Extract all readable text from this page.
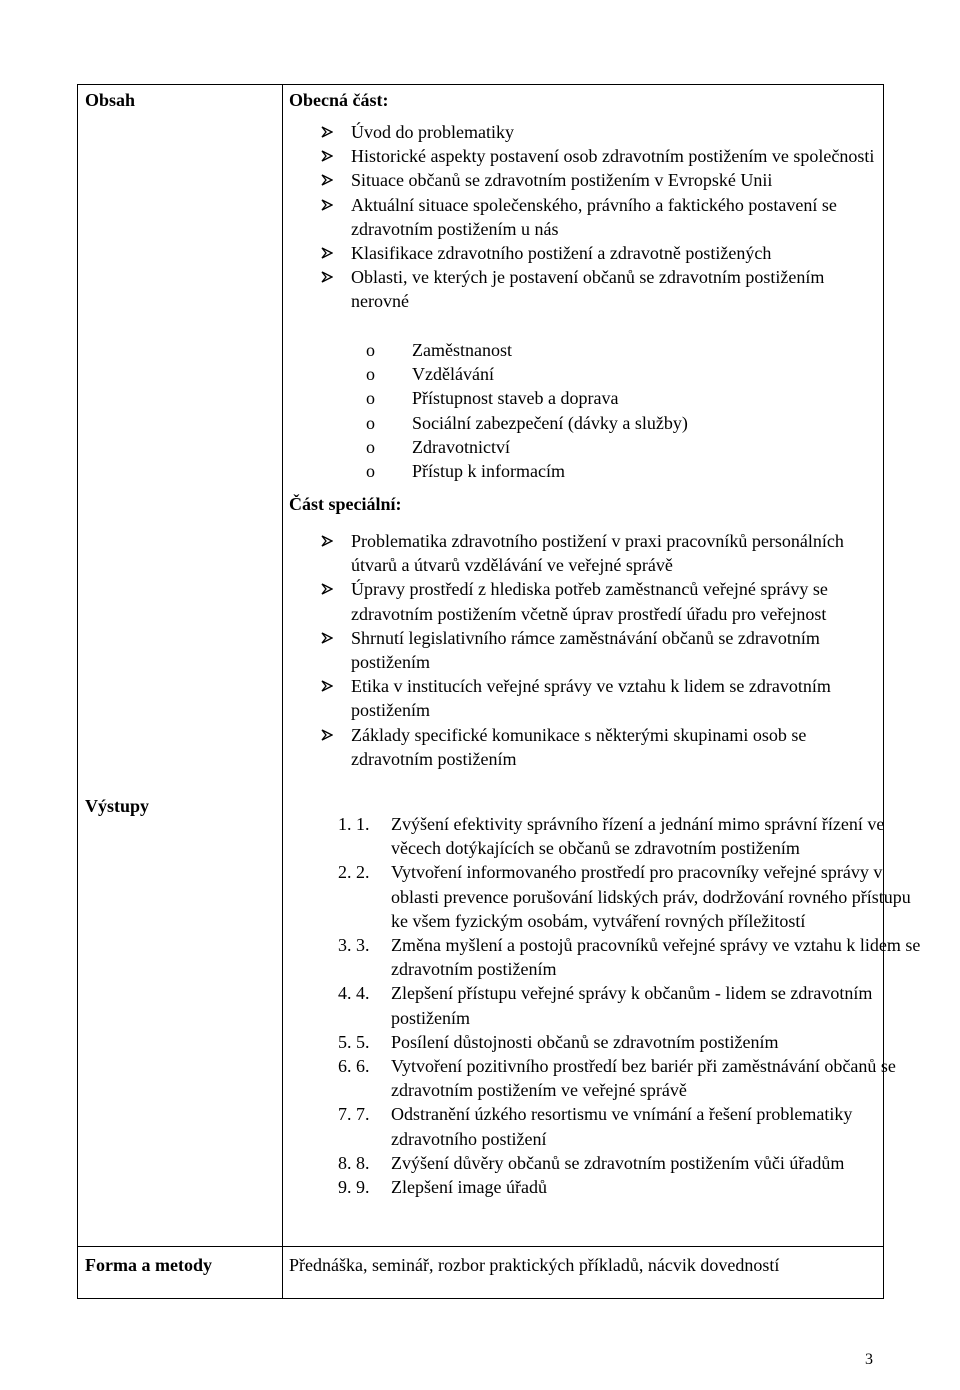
Obsah	Obecná část:
Úvod do problematiky
Historické aspekty postavení osob zdravotním postižením ve společnosti
Situace občanů se zdravotním postižením v Evropské Unii
Aktuální situace společenského, právního a faktického postavení se zdravotním postižením u nás
Klasifikace zdravotního postižení a zdravotně postižených
Oblasti, ve kterých je postavení občanů se zdravotním postižením nerovné
o Zaměstnanost
o Vzdělávání
o Přístupnost staveb a doprava
o Sociální zabezpečení (dávky a služby)
o Zdravotnictví
o Přístup k informacím
Část speciální:
Problematika zdravotního postižení v praxi pracovníků personálních útvarů a útvarů vzdělávání ve veřejné správě
Úpravy prostředí z hlediska potřeb zaměstnanců veřejné správy se zdravotním postižením včetně úprav prostředí úřadu pro veřejnost
Shrnutí legislativního rámce zaměstnávání občanů se zdravotním postižením
Etika v institucích veřejné správy ve vztahu k lidem se zdravotním postižením
Základy specifické komunikace s některými skupinami osob se zdravotním postižením
Výstupy
1. 1. Zvýšení efektivity správního řízení a jednání mimo správní řízení ve věcech dotýkajících se občanů se zdravotním postižením
2. 2. Vytvoření informovaného prostředí pro pracovníky veřejné správy v oblasti prevence porušování lidských práv, dodržování rovného přístupu ke všem fyzickým osobám, vytváření rovných příležitostí
3. 3. Změna myšlení a postojů pracovníků veřejné správy ve vztahu k lidem se zdravotním postižením
4. 4. Zlepšení přístupu veřejné správy k občanům - lidem se zdravotním postižením
5. 5. Posílení důstojnosti občanů se zdravotním postižením
6. 6. Vytvoření pozitivního prostředí bez bariér při zaměstnávání občanů se zdravotním postižením ve veřejné správě
7. 7. Odstranění úzkého resortismu ve vnímání a řešení problematiky zdravotního postižení
8. 8. Zvýšení důvěry občanů se zdravotním postižením vůči úřadům
9. 9. Zlepšení image úřadů
Forma a metody	Přednáška, seminář, rozbor praktických příkladů, nácvik dovedností
3
